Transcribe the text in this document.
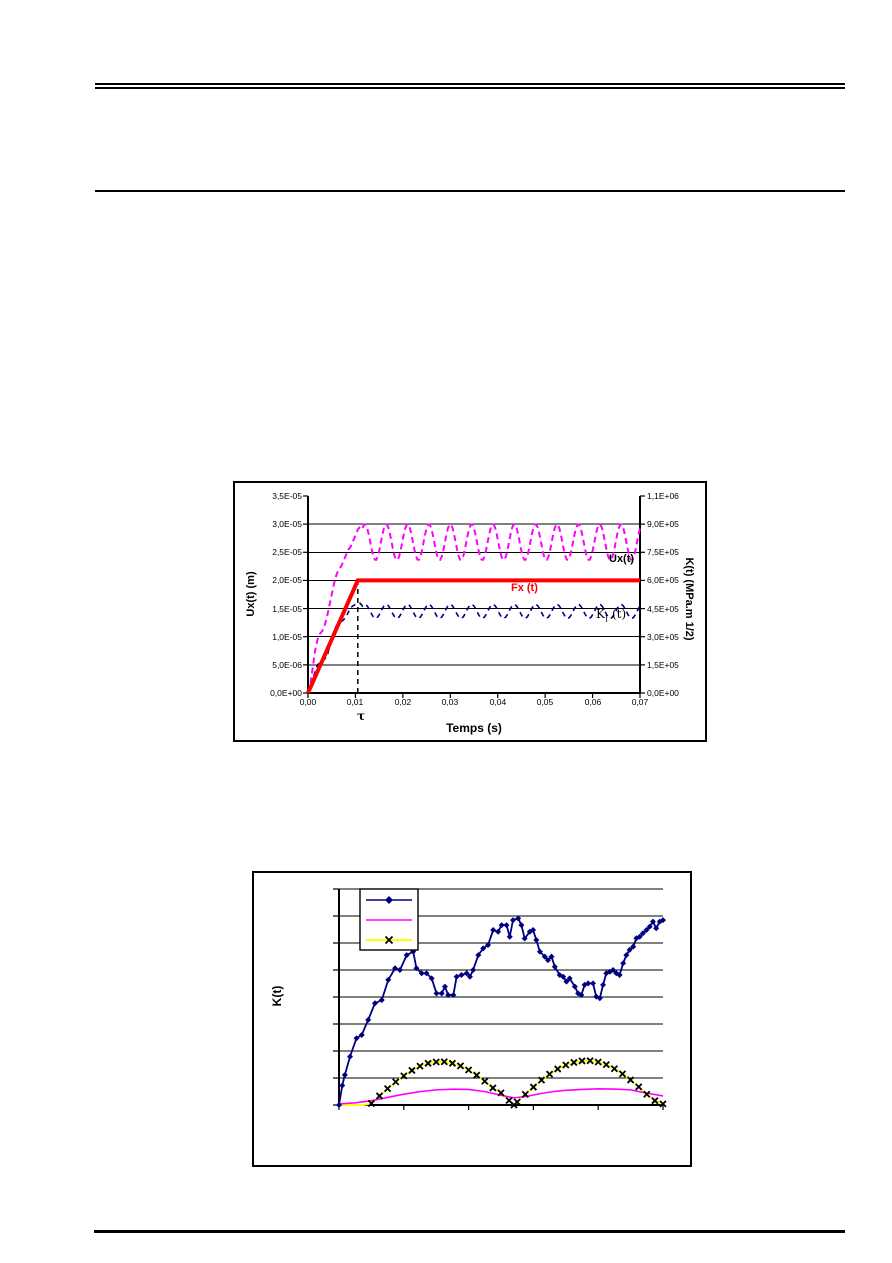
Ux(t) (m)	K(t) (MPa.m 1/2)
Temps (s)
τ
Ux(t)
Fx (t)
$K_I$ (t)
3,5E-05
3,0E-05
2,5E-05
2,0E-05
1,5E-05
1,0E-05
5,0E-06
0,0E+00
1,1E+06
9,0E+05
7,5E+05
6,0E+05
4,5E+05
3,0E+05
1,5E+05
0,0E+00
0,00	0,01	0,02	0,03	0,04	0,05	0,06	0,07
K(t)
